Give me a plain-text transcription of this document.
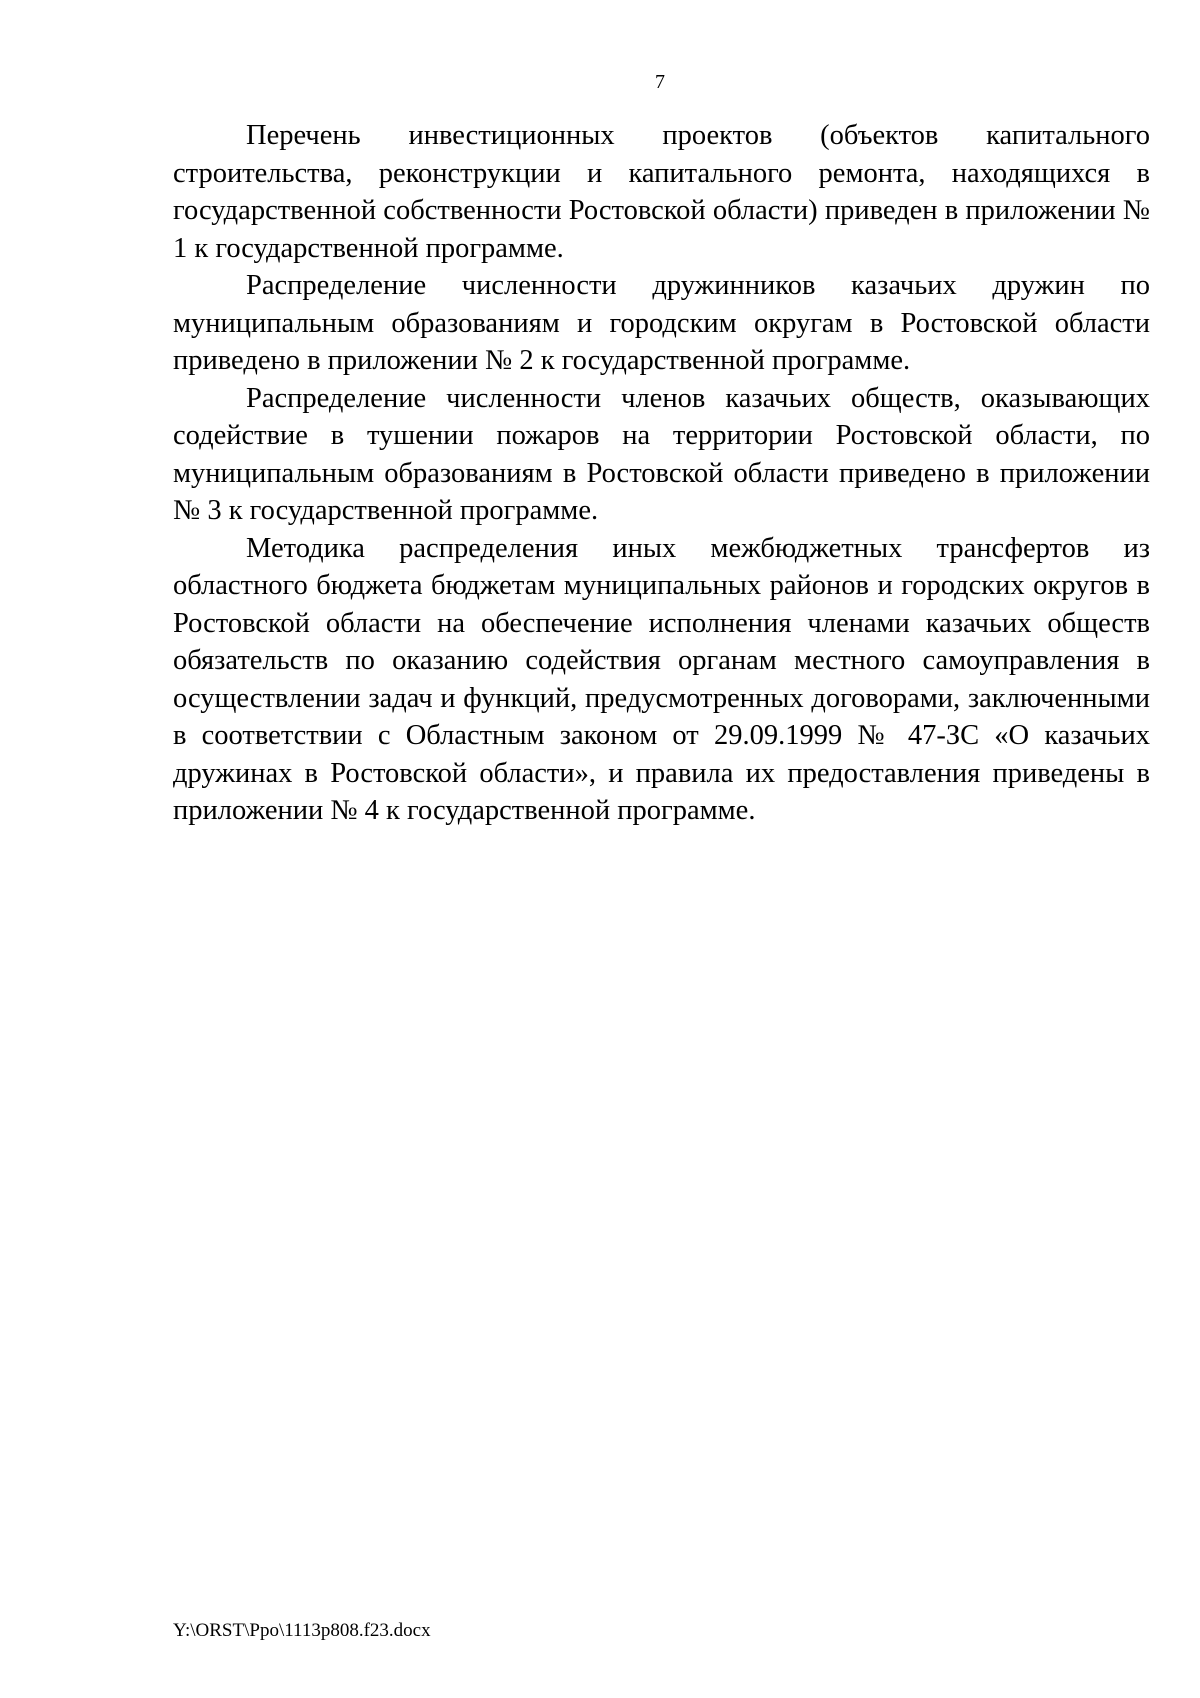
7

Перечень инвестиционных проектов (объектов капитального строительства, реконструкции и капитального ремонта, находящихся в государственной собственности Ростовской области) приведен в приложении № 1 к государственной программе.

Распределение численности дружинников казачьих дружин по муниципальным образованиям и городским округам в Ростовской области приведено в приложении № 2 к государственной программе.

Распределение численности членов казачьих обществ, оказывающих содействие в тушении пожаров на территории Ростовской области, по муниципальным образованиям в Ростовской области приведено в приложении № 3 к государственной программе.

Методика распределения иных межбюджетных трансфертов из областного бюджета бюджетам муниципальных районов и городских округов в Ростовской области на обеспечение исполнения членами казачьих обществ обязательств по оказанию содействия органам местного самоуправления в осуществлении задач и функций, предусмотренных договорами, заключенными в соответствии с Областным законом от 29.09.1999 № 47-ЗС «О казачьих дружинах в Ростовской области», и правила их предоставления приведены в приложении № 4 к государственной программе.

Y:\ORST\Ppo\1113p808.f23.docx
